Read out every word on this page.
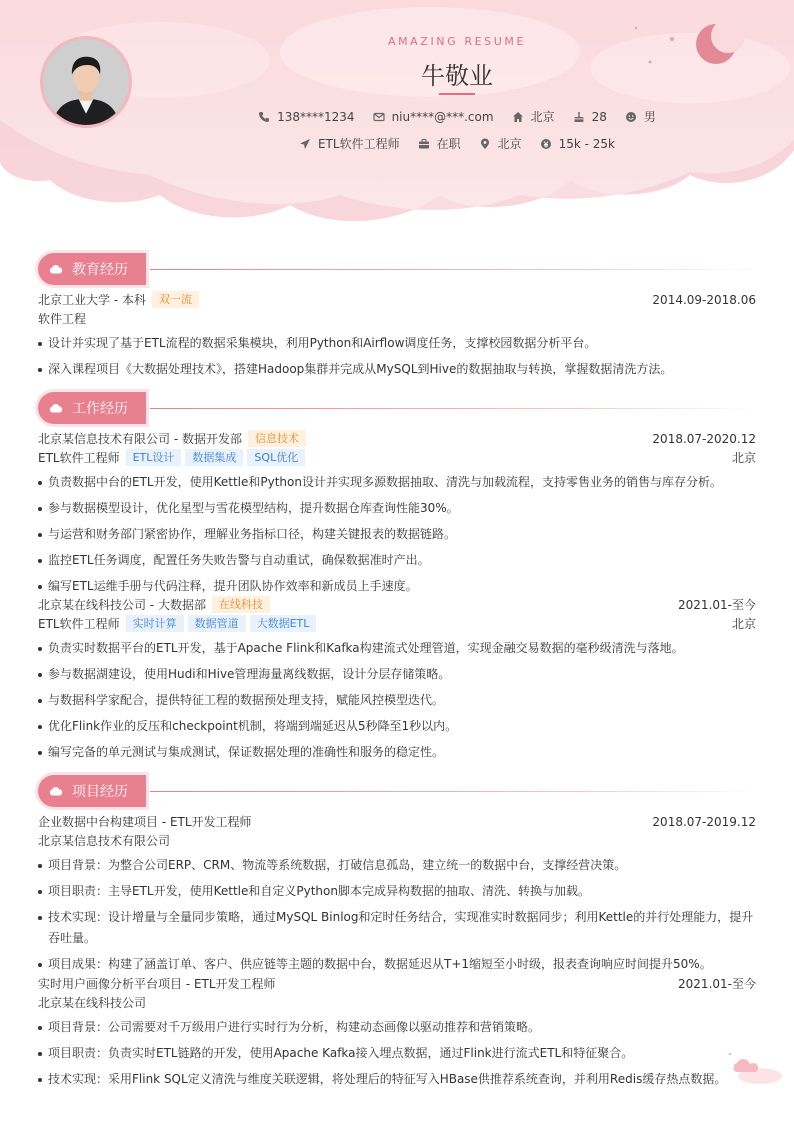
AMAZING RESUME
牛敬业
138****1234	niu****@***.com	北京	28	男
ETL软件工程师	在职	北京	15k - 25k
教育经历
北京工业大学 - 本科	双一流	2014.09-2018.06
软件工程
设计并实现了基于ETL流程的数据采集模块，利用Python和Airflow调度任务，支撑校园数据分析平台。
深入课程项目《大数据处理技术》，搭建Hadoop集群并完成从MySQL到Hive的数据抽取与转换，掌握数据清洗方法。
工作经历
北京某信息技术有限公司 - 数据开发部	信息技术	2018.07-2020.12
ETL软件工程师	ETL设计	数据集成	SQL优化	北京
负责数据中台的ETL开发，使用Kettle和Python设计并实现多源数据抽取、清洗与加载流程，支持零售业务的销售与库存分析。
参与数据模型设计，优化星型与雪花模型结构，提升数据仓库查询性能30%。
与运营和财务部门紧密协作，理解业务指标口径，构建关键报表的数据链路。
监控ETL任务调度，配置任务失败告警与自动重试，确保数据准时产出。
编写ETL运维手册与代码注释，提升团队协作效率和新成员上手速度。
北京某在线科技公司 - 大数据部	在线科技	2021.01-至今
ETL软件工程师	实时计算	数据管道	大数据ETL	北京
负责实时数据平台的ETL开发，基于Apache Flink和Kafka构建流式处理管道，实现金融交易数据的毫秒级清洗与落地。
参与数据湖建设，使用Hudi和Hive管理海量离线数据，设计分层存储策略。
与数据科学家配合，提供特征工程的数据预处理支持，赋能风控模型迭代。
优化Flink作业的反压和checkpoint机制，将端到端延迟从5秒降至1秒以内。
编写完备的单元测试与集成测试，保证数据处理的准确性和服务的稳定性。
项目经历
企业数据中台构建项目 - ETL开发工程师	2018.07-2019.12
北京某信息技术有限公司
项目背景：为整合公司ERP、CRM、物流等系统数据，打破信息孤岛，建立统一的数据中台，支撑经营决策。
项目职责：主导ETL开发，使用Kettle和自定义Python脚本完成异构数据的抽取、清洗、转换与加载。
技术实现：设计增量与全量同步策略，通过MySQL Binlog和定时任务结合，实现准实时数据同步；利用Kettle的并行处理能力，提升吞吐量。
项目成果：构建了涵盖订单、客户、供应链等主题的数据中台，数据延迟从T+1缩短至小时级，报表查询响应时间提升50%。
实时用户画像分析平台项目 - ETL开发工程师	2021.01-至今
北京某在线科技公司
项目背景：公司需要对千万级用户进行实时行为分析，构建动态画像以驱动推荐和营销策略。
项目职责：负责实时ETL链路的开发，使用Apache Kafka接入埋点数据，通过Flink进行流式ETL和特征聚合。
技术实现：采用Flink SQL定义清洗与维度关联逻辑，将处理后的特征写入HBase供推荐系统查询，并利用Redis缓存热点数据。
